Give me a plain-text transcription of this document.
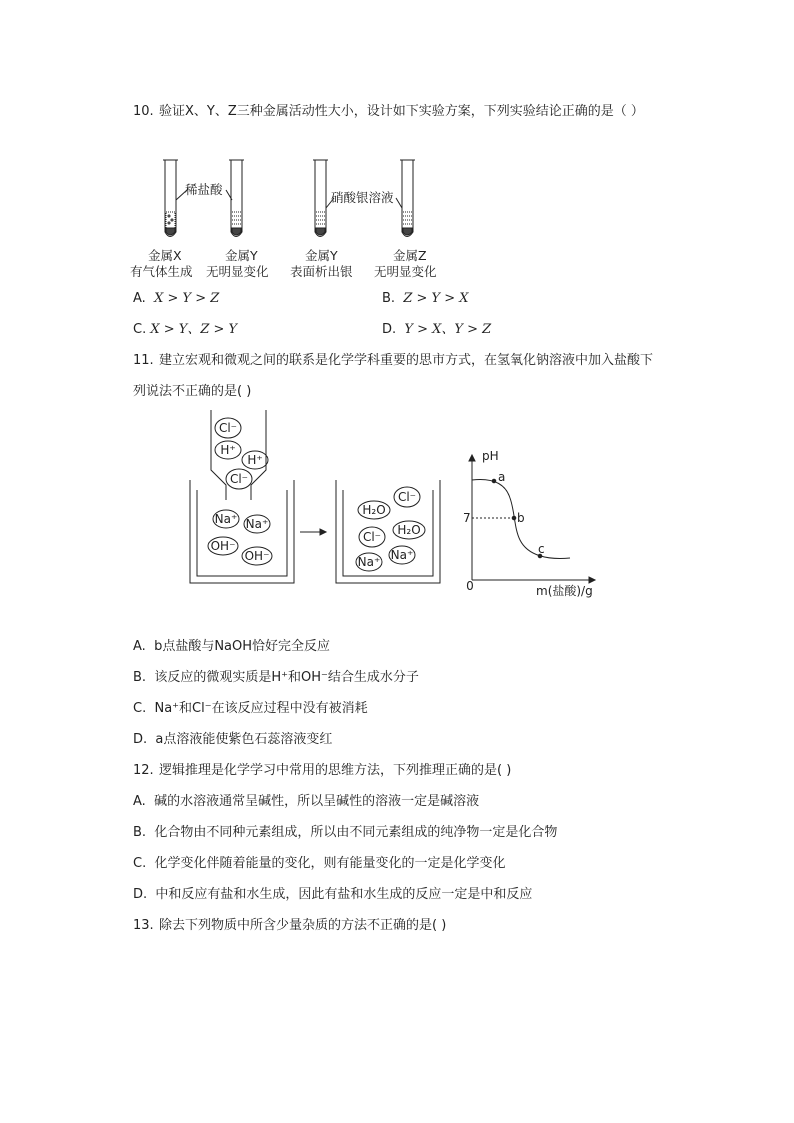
10. 验证X、Y、Z三种金属活动性大小，设计如下实验方案，下列实验结论正确的是（ ）
稀盐酸
硝酸银溶液
金属X
有气体生成
金属Y
无明显变化
金属Y
表面析出银
金属Z
无明显变化
Cl⁻
H⁺
H⁺
Cl⁻
Na⁺ Na⁺
OH⁻
OH⁻
Cl⁻
H₂O
H₂O
Cl⁻
Na⁺ Na⁺
pH
m(盐酸)/g
0
7
a
b
c
A. X > Y > Z	B. Z > Y > X
C. X > Y、Z > Y	D. Y > X、Y > Z
11. 建立宏观和微观之间的联系是化学学科重要的思市方式，在氢氧化钠溶液中加入盐酸下
列说法不正确的是( )
A. b点盐酸与NaOH恰好完全反应
B. 该反应的微观实质是H⁺和OH⁻结合生成水分子
C. Na⁺和Cl⁻在该反应过程中没有被消耗
D. a点溶液能使紫色石蕊溶液变红
12. 逻辑推理是化学学习中常用的思维方法，下列推理正确的是( )
A. 碱的水溶液通常呈碱性，所以呈碱性的溶液一定是碱溶液
B. 化合物由不同种元素组成，所以由不同元素组成的纯净物一定是化合物
C. 化学变化伴随着能量的变化，则有能量变化的一定是化学变化
D. 中和反应有盐和水生成，因此有盐和水生成的反应一定是中和反应
13. 除去下列物质中所含少量杂质的方法不正确的是( )
